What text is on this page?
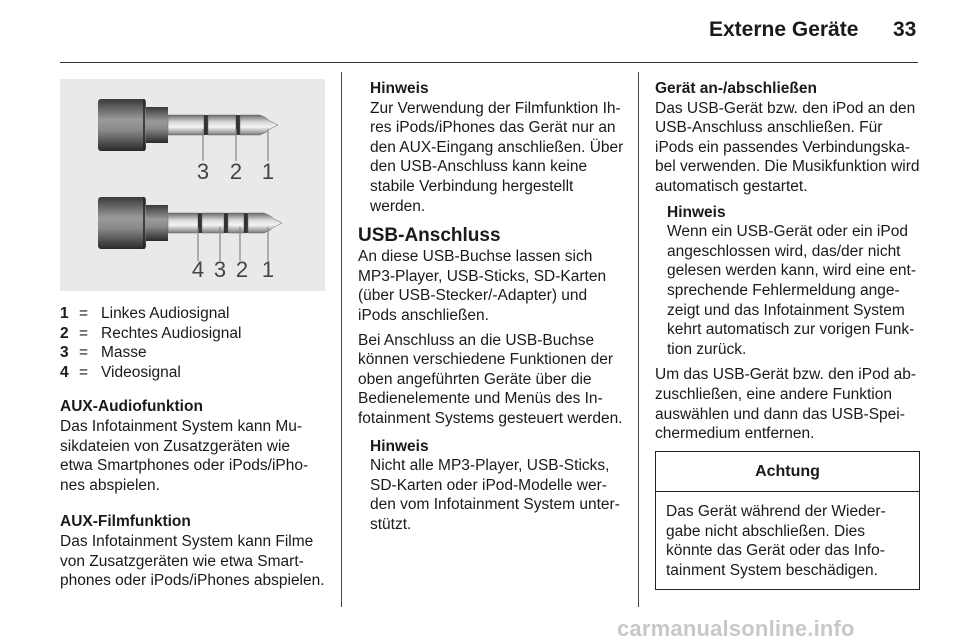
Externe Geräte 33
3 2 1
4 3 2 1
1 = Linkes Audiosignal
2 = Rechtes Audiosignal
3 = Masse
4 = Videosignal
AUX-Audiofunktion

Das Infotainment System kann Musikdateien von Zusatzgeräten wie etwa Smartphones oder iPods/iPhones abspielen.

AUX-Filmfunktion

Das Infotainment System kann Filme von Zusatzgeräten wie etwa Smartphones oder iPods/iPhones abspielen.

Hinweis
Zur Verwendung der Filmfunktion Ihres iPods/iPhones das Gerät nur an den AUX-Eingang anschließen. Über den USB-Anschluss kann keine stabile Verbindung hergestellt werden.
USB-Anschluss

An diese USB-Buchse lassen sich MP3-Player, USB-Sticks, SD-Karten (über USB-Stecker/-Adapter) und iPods anschließen.

Bei Anschluss an die USB-Buchse können verschiedene Funktionen der oben angeführten Geräte über die Bedienelemente und Menüs des Infotainment Systems gesteuert werden.

Hinweis
Nicht alle MP3-Player, USB-Sticks, SD-Karten oder iPod-Modelle werden vom Infotainment System unterstützt.
Gerät an-/abschließen

Das USB-Gerät bzw. den iPod an den USB-Anschluss anschließen. Für iPods ein passendes Verbindungskabel verwenden. Die Musikfunktion wird automatisch gestartet.

Hinweis
Wenn ein USB-Gerät oder ein iPod angeschlossen wird, das/der nicht gelesen werden kann, wird eine entsprechende Fehlermeldung angezeigt und das Infotainment System kehrt automatisch zur vorigen Funktion zurück.

Um das USB-Gerät bzw. den iPod abzuschließen, eine andere Funktion auswählen und dann das USB-Speichermedium entfernen.

Achtung
Das Gerät während der Wiedergabe nicht abschließen. Dies könnte das Gerät oder das Infotainment System beschädigen.
carmanualsonline.info
